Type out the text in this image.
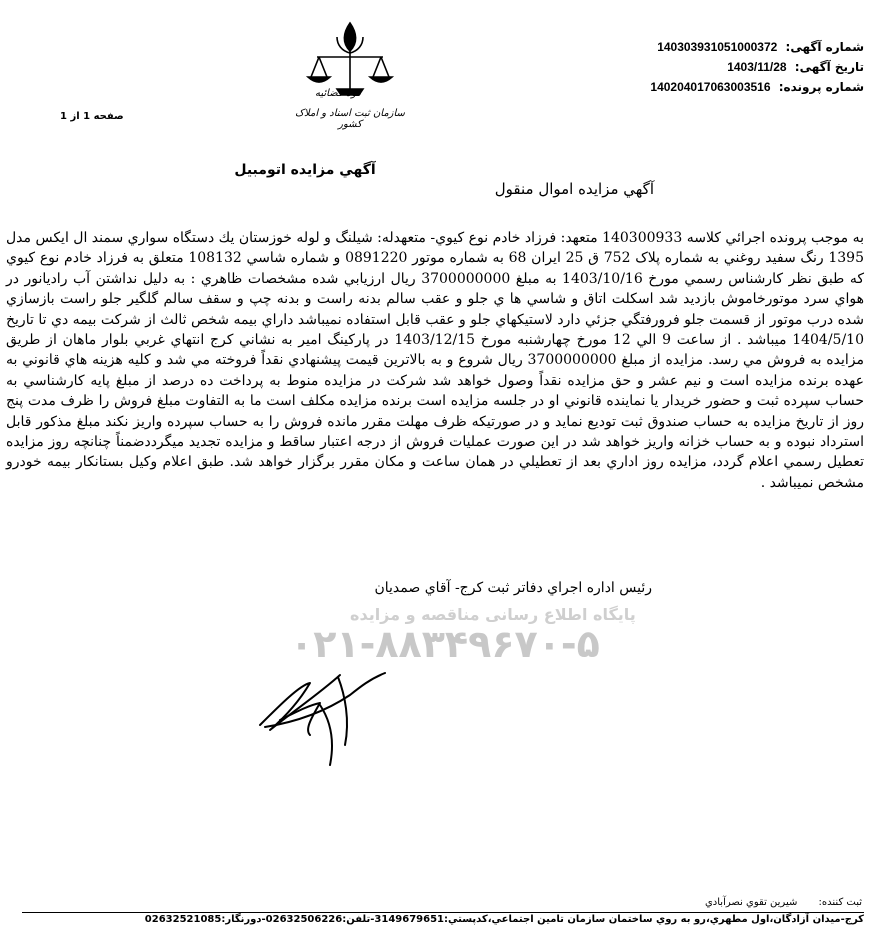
شماره آگهی: 140303931051000372
تاریخ آگهی: 1403/11/28
شماره پرونده: 140204017063003516
قوه قضائیه
سازمان ثبت اسناد و املاک کشور
صفحه 1 از 1
آگهي مزايده اتومبيل
آگهي مزايده اموال منقول
پایگاه اطلاع رسانی مناقصه و مزایده
۰۲۱-۸۸۳۴۹۶۷۰-۵
به موجب پرونده اجرائي كلاسه 140300933 متعهد: فرزاد خادم نوع كيوي- متعهدله: شيلنگ و لوله خوزستان يك دستگاه سواري سمند ال ايكس مدل 1395 رنگ سفيد روغني به شماره پلاک 752 ق 25 ايران 68 به شماره موتور 0891220 و شماره شاسي 108132 متعلق به فرزاد خادم نوع كيوي كه طبق نظر كارشناس رسمي مورخ 1403/10/16 به مبلغ 3700000000 ريال ارزيابي شده مشخصات ظاهري : به دليل نداشتن آب راديانور در هواي سرد موتورخاموش بازديد شد اسكلت اتاق و شاسي ها ي جلو و عقب سالم بدنه راست و بدنه چپ و سقف سالم گلگير جلو راست بازسازي شده درب موتور از قسمت جلو فرورفتگي جزئي دارد لاستيكهاي جلو و عقب قابل استفاده نميباشد داراي بيمه شخص ثالث از شركت بيمه دي تا تاريخ 1404/5/10 ميباشد . از ساعت 9 الي 12 مورخ چهارشنبه مورخ 1403/12/15 در پاركينگ امير به نشاني كرج انتهاي غربي بلوار ماهان از طريق مزايده به فروش مي رسد. مزايده از مبلغ 3700000000 ريال شروع و به بالاترين قيمت پيشنهادي نقداً فروخته مي شد و كليه هزينه هاي قانوني به عهده برنده مزايده است و نيم عشر و حق مزايده نقداً وصول خواهد شد شركت در مزايده منوط به پرداخت ده درصد از مبلغ پايه كارشناسي به حساب سپرده ثبت و حضور خريدار يا نماينده قانوني او در جلسه مزايده است برنده مزايده مكلف است ما به التفاوت مبلغ فروش را ظرف مدت پنج روز از تاريخ مزايده به حساب صندوق ثبت توديع نمايد و در صورتيكه ظرف مهلت مقرر مانده فروش را به حساب سپرده واريز نكند مبلغ مذكور قابل استرداد نبوده و به حساب خزانه واريز خواهد شد در اين صورت عمليات فروش از درجه اعتبار ساقط و مزايده تجديد ميگرددضمناً چنانچه روز مزايده تعطيل رسمي اعلام گردد، مزايده روز اداري بعد از تعطيلي در همان ساعت و مكان مقرر برگزار خواهد شد. طبق اعلام وكيل بستانكار بيمه خودرو مشخص نميباشد .
رئيس اداره اجراي دفاتر ثبت كرج- آقاي صمديان
ثبت كننده: شيرين تقوي نصرآبادي
كرج-ميدان آزادگان،اول مطهري،رو به روي ساختمان سازمان تامين اجتماعي،كدپستي:3149679651-تلفن:02632506226-دورنگار:02632521085
